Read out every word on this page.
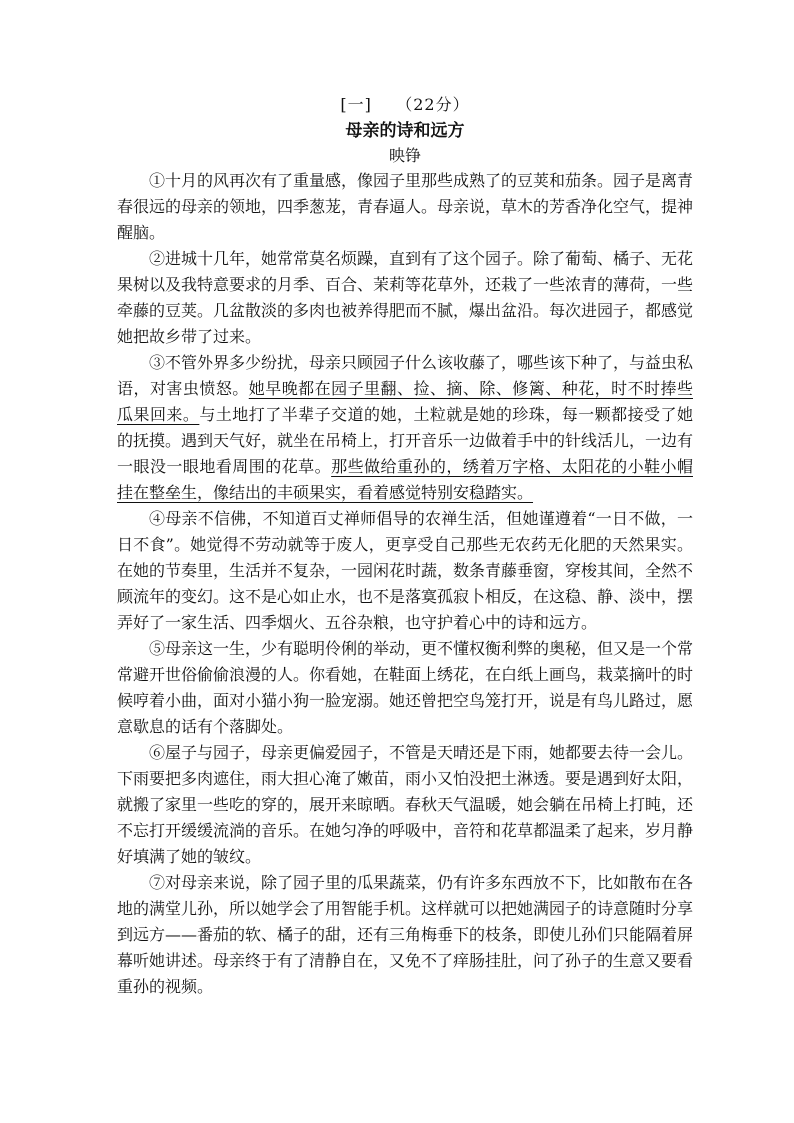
[一] （22分）

母亲的诗和远方

映铮

①十月的风再次有了重量感，像园子里那些成熟了的豆荚和茄条。园子是离青春很远的母亲的领地，四季葱茏，青春逼人。母亲说，草木的芳香净化空气，提神醒脑。

②进城十几年，她常常莫名烦躁，直到有了这个园子。除了葡萄、橘子、无花果树以及我特意要求的月季、百合、茉莉等花草外，还栽了一些浓青的薄荷，一些牵藤的豆荚。几盆散淡的多肉也被养得肥而不腻，爆出盆沿。每次进园子，都感觉她把故乡带了过来。

③不管外界多少纷扰，母亲只顾园子什么该收藤了，哪些该下种了，与益虫私语，对害虫愤怒。她早晚都在园子里翻、捡、摘、除、修篱、种花，时不时捧些瓜果回来。与土地打了半辈子交道的她，土粒就是她的珍珠，每一颗都接受了她的抚摸。遇到天气好，就坐在吊椅上，打开音乐一边做着手中的针线活儿，一边有一眼没一眼地看周围的花草。那些做给重孙的，绣着万字格、太阳花的小鞋小帽挂在整垒生，像结出的丰硕果实，看着感觉特别安稳踏实。

④母亲不信佛，不知道百丈禅师倡导的农禅生活，但她谨遵着“一日不做，一日不食”。她觉得不劳动就等于废人，更享受自己那些无农药无化肥的天然果实。在她的节奏里，生活并不复杂，一园闲花时蔬，数条青藤垂窗，穿梭其间，全然不顾流年的变幻。这不是心如止水，也不是落寞孤寂卜相反，在这稳、静、淡中，摆弄好了一家生活、四季烟火、五谷杂粮，也守护着心中的诗和远方。

⑤母亲这一生，少有聪明伶俐的举动，更不懂权衡利弊的奥秘，但又是一个常常避开世俗偷偷浪漫的人。你看她，在鞋面上绣花，在白纸上画鸟，栽菜摘叶的时候哼着小曲，面对小猫小狗一脸宠溺。她还曾把空鸟笼打开，说是有鸟儿路过，愿意歇息的话有个落脚处。

⑥屋子与园子，母亲更偏爱园子，不管是天晴还是下雨，她都要去待一会儿。下雨要把多肉遮住，雨大担心淹了嫩苗，雨小又怕没把土淋透。要是遇到好太阳，就搬了家里一些吃的穿的，展开来晾晒。春秋天气温暖，她会躺在吊椅上打盹，还不忘打开缓缓流淌的音乐。在她匀净的呼吸中，音符和花草都温柔了起来，岁月静好填满了她的皱纹。

⑦对母亲来说，除了园子里的瓜果蔬菜，仍有许多东西放不下，比如散布在各地的满堂儿孙，所以她学会了用智能手机。这样就可以把她满园子的诗意随时分享到远方——番茄的软、橘子的甜，还有三角梅垂下的枝条，即使儿孙们只能隔着屏幕听她讲述。母亲终于有了清静自在，又免不了痒肠挂肚，问了孙子的生意又要看重孙的视频。
